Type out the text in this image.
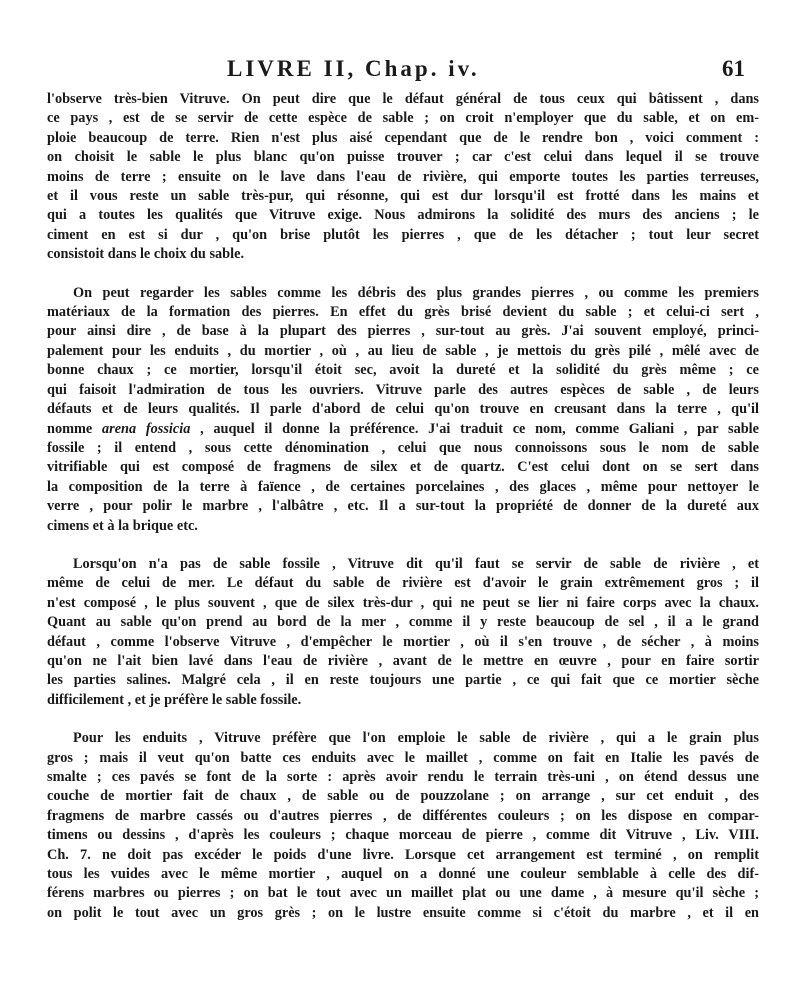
LIVRE II, Chap. iv.	61

l'observe très-bien Vitruve. On peut dire que le défaut général de tous ceux qui bâtissent , dans
ce pays , est de se servir de cette espèce de sable ; on croit n'employer que du sable, et on em-
ploie beaucoup de terre. Rien n'est plus aisé cependant que de le rendre bon , voici comment :
on choisit le sable le plus blanc qu'on puisse trouver ; car c'est celui dans lequel il se trouve
moins de terre ; ensuite on le lave dans l'eau de rivière, qui emporte toutes les parties terreuses,
et il vous reste un sable très-pur, qui résonne, qui est dur lorsqu'il est frotté dans les mains et
qui a toutes les qualités que Vitruve exige. Nous admirons la solidité des murs des anciens ; le
ciment en est si dur , qu'on brise plutôt les pierres , que de les détacher ; tout leur secret
consistoit dans le choix du sable.

On peut regarder les sables comme les débris des plus grandes pierres , ou comme les premiers
matériaux de la formation des pierres. En effet du grès brisé devient du sable ; et celui-ci sert ,
pour ainsi dire , de base à la plupart des pierres , sur-tout au grès. J'ai souvent employé, princi-
palement pour les enduits , du mortier , où , au lieu de sable , je mettois du grès pilé , mêlé avec de
bonne chaux ; ce mortier, lorsqu'il étoit sec, avoit la dureté et la solidité du grès même ; ce
qui faisoit l'admiration de tous les ouvriers. Vitruve parle des autres espèces de sable , de leurs
défauts et de leurs qualités. Il parle d'abord de celui qu'on trouve en creusant dans la terre , qu'il
nomme arena fossicia , auquel il donne la préférence. J'ai traduit ce nom, comme Galiani , par sable
fossile ; il entend , sous cette dénomination , celui que nous connoissons sous le nom de sable
vitrifiable qui est composé de fragmens de silex et de quartz. C'est celui dont on se sert dans
la composition de la terre à faïence , de certaines porcelaines , des glaces , même pour nettoyer le
verre , pour polir le marbre , l'albâtre , etc. Il a sur-tout la propriété de donner de la dureté aux
cimens et à la brique etc.

Lorsqu'on n'a pas de sable fossile , Vitruve dit qu'il faut se servir de sable de rivière , et
même de celui de mer. Le défaut du sable de rivière est d'avoir le grain extrêmement gros ; il
n'est composé , le plus souvent , que de silex très-dur , qui ne peut se lier ni faire corps avec la chaux.
Quant au sable qu'on prend au bord de la mer , comme il y reste beaucoup de sel , il a le grand
défaut , comme l'observe Vitruve , d'empêcher le mortier , où il s'en trouve , de sécher , à moins
qu'on ne l'ait bien lavé dans l'eau de rivière , avant de le mettre en œuvre , pour en faire sortir
les parties salines. Malgré cela , il en reste toujours une partie , ce qui fait que ce mortier sèche
difficilement , et je préfère le sable fossile.

Pour les enduits , Vitruve préfère que l'on emploie le sable de rivière , qui a le grain plus
gros ; mais il veut qu'on batte ces enduits avec le maillet , comme on fait en Italie les pavés de
smalte ; ces pavés se font de la sorte : après avoir rendu le terrain très-uni , on étend dessus une
couche de mortier fait de chaux , de sable ou de pouzzolane ; on arrange , sur cet enduit , des
fragmens de marbre cassés ou d'autres pierres , de différentes couleurs ; on les dispose en compar-
timens ou dessins , d'après les couleurs ; chaque morceau de pierre , comme dit Vitruve , Liv. VIII.
Ch. 7. ne doit pas excéder le poids d'une livre. Lorsque cet arrangement est terminé , on remplit
tous les vuides avec le même mortier , auquel on a donné une couleur semblable à celle des dif-
férens marbres ou pierres ; on bat le tout avec un maillet plat ou une dame , à mesure qu'il sèche ;
on polit le tout avec un gros grès ; on le lustre ensuite comme si c'étoit du marbre , et il en
